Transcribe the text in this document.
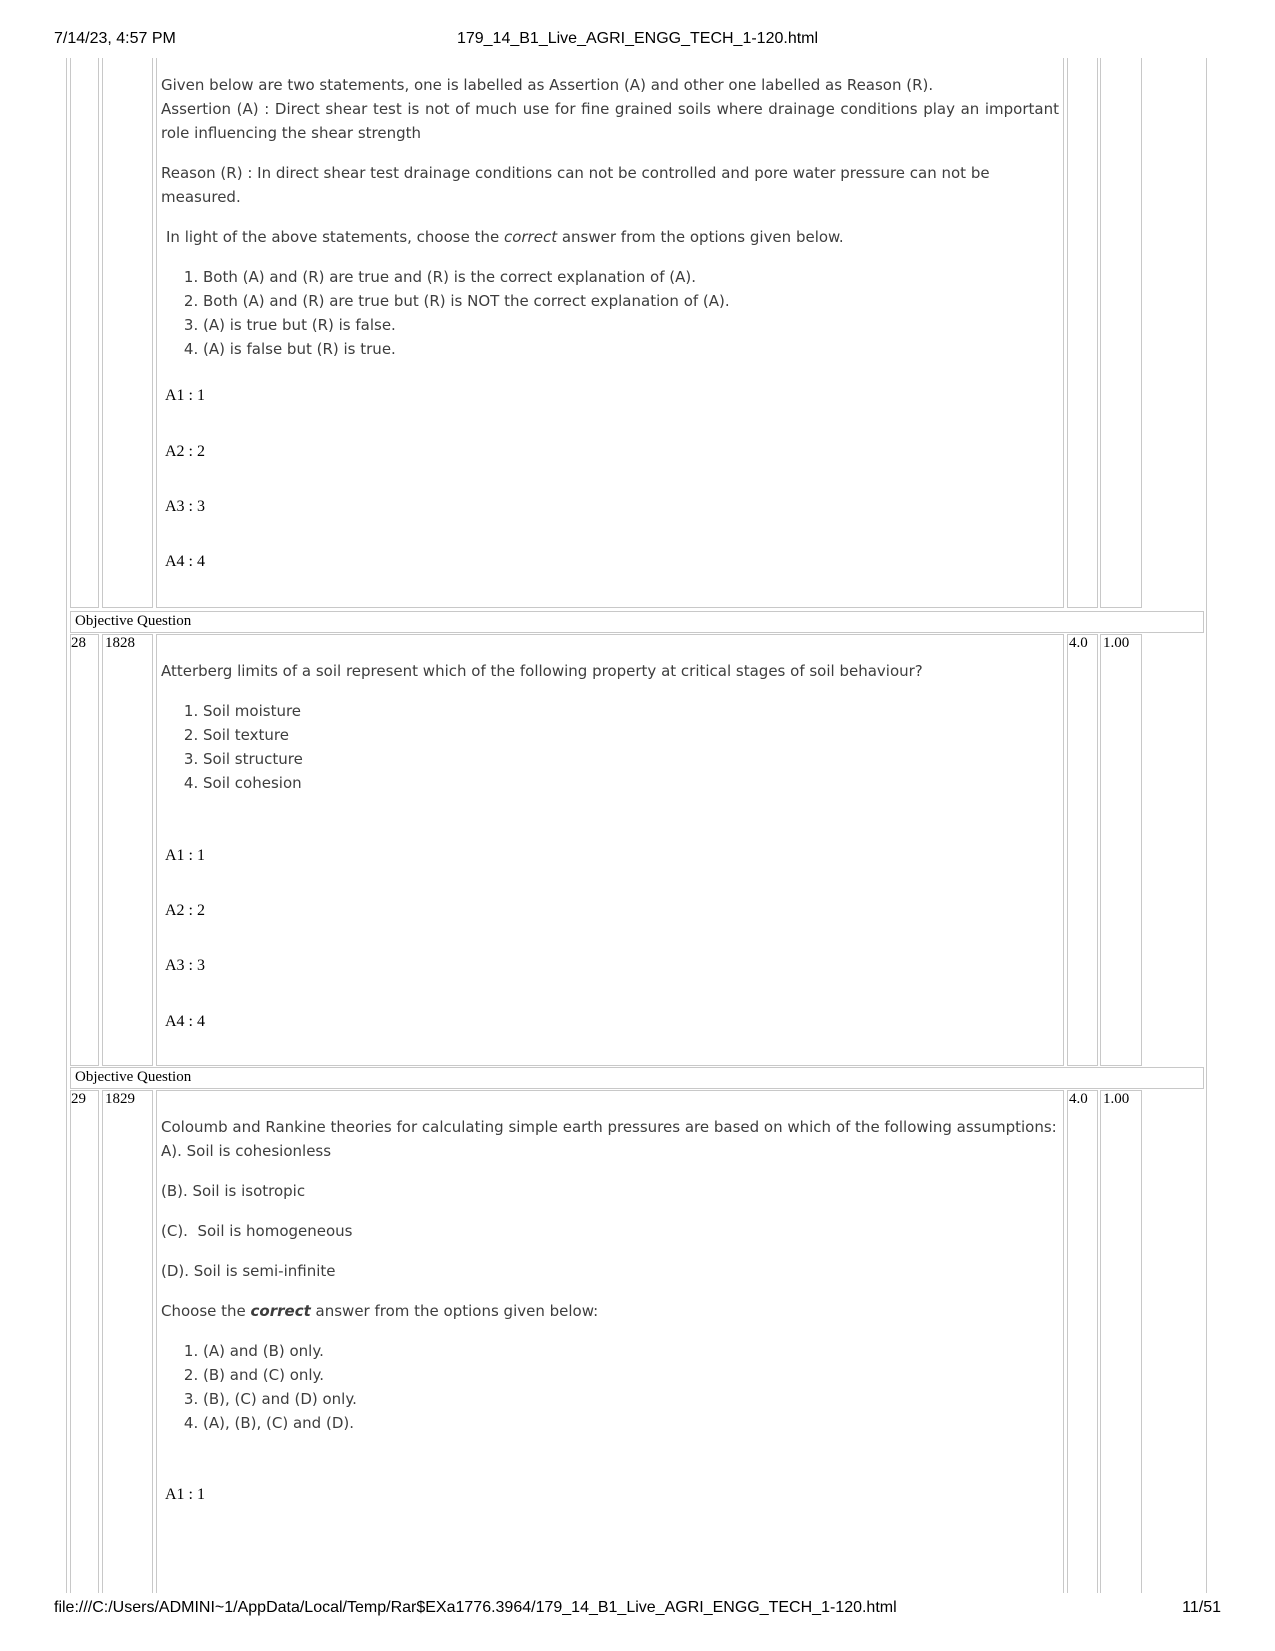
7/14/23, 4:57 PM	179_14_B1_Live_AGRI_ENGG_TECH_1-120.html

Given below are two statements, one is labelled as Assertion (A) and other one labelled as Reason (R).

Assertion (A) : Direct shear test is not of much use for fine grained soils where drainage conditions play an important role influencing the shear strength

Reason (R) : In direct shear test drainage conditions can not be controlled and pore water pressure can not be measured.

In light of the above statements, choose the correct answer from the options given below.

1. Both (A) and (R) are true and (R) is the correct explanation of (A).
2. Both (A) and (R) are true but (R) is NOT the correct explanation of (A).
3. (A) is true but (R) is false.
4. (A) is false but (R) is true.
A1 : 1
A2 : 2
A3 : 3
A4 : 4
Objective Question
28 1828

Atterberg limits of a soil represent which of the following property at critical stages of soil behaviour?

1. Soil moisture
2. Soil texture
3. Soil structure
4. Soil cohesion
A1 : 1
A2 : 2
A3 : 3
A4 : 4
4.0 1.00
Objective Question
29 1829

Coloumb and Rankine theories for calculating simple earth pressures are based on which of the following assumptions:

A). Soil is cohesionless

(B). Soil is isotropic

(C).  Soil is homogeneous

(D). Soil is semi-infinite

Choose the correct answer from the options given below:

1. (A) and (B) only.
2. (B) and (C) only.
3. (B), (C) and (D) only.
4. (A), (B), (C) and (D).
A1 : 1
4.0 1.00
file:///C:/Users/ADMINI~1/AppData/Local/Temp/Rar$EXa1776.3964/179_14_B1_Live_AGRI_ENGG_TECH_1-120.html	11/51
